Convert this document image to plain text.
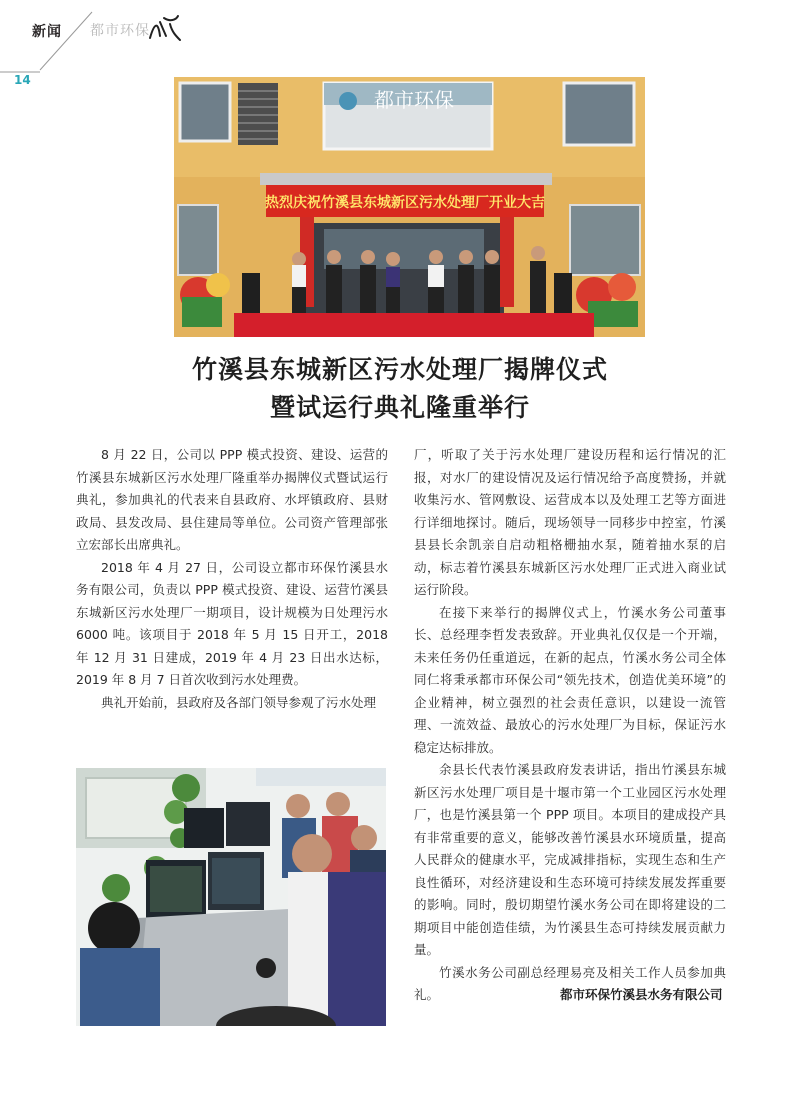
新闻 都市环保
14
都市环保
热烈庆祝竹溪县东城新区污水处理厂开业大吉
竹溪县东城新区污水处理厂揭牌仪式
暨试运行典礼隆重举行

8 月 22 日，公司以 PPP 模式投资、建设、运营的竹溪县东城新区污水处理厂隆重举办揭牌仪式暨试运行典礼，参加典礼的代表来自县政府、水坪镇政府、县财政局、县发改局、县住建局等单位。公司资产管理部张立宏部长出席典礼。

2018 年 4 月 27 日，公司设立都市环保竹溪县水务有限公司，负责以 PPP 模式投资、建设、运营竹溪县东城新区污水处理厂一期项目，设计规模为日处理污水 6000 吨。该项目于 2018 年 5 月 15 日开工，2018 年 12 月 31 日建成，2019 年 4 月 23 日出水达标，2019 年 8 月 7 日首次收到污水处理费。

典礼开始前，县政府及各部门领导参观了污水处理

厂，听取了关于污水处理厂建设历程和运行情况的汇报，对水厂的建设情况及运行情况给予高度赞扬，并就收集污水、管网敷设、运营成本以及处理工艺等方面进行详细地探讨。随后，现场领导一同移步中控室，竹溪县县长余凯亲自启动粗格栅抽水泵，随着抽水泵的启动，标志着竹溪县东城新区污水处理厂正式进入商业试运行阶段。

在接下来举行的揭牌仪式上，竹溪水务公司董事长、总经理李哲发表致辞。开业典礼仅仅是一个开端，未来任务仍任重道远，在新的起点，竹溪水务公司全体同仁将秉承都市环保公司“领先技术，创造优美环境”的企业精神，树立强烈的社会责任意识，以建设一流管理、一流效益、最放心的污水处理厂为目标，保证污水稳定达标排放。

余县长代表竹溪县政府发表讲话，指出竹溪县东城新区污水处理厂项目是十堰市第一个工业园区污水处理厂，也是竹溪县第一个 PPP 项目。本项目的建成投产具有非常重要的意义，能够改善竹溪县水环境质量，提高人民群众的健康水平，完成减排指标，实现生态和生产良性循环，对经济建设和生态环境可持续发展发挥重要的影响。同时，殷切期望竹溪水务公司在即将建设的二期项目中能创造佳绩，为竹溪县生态可持续发展贡献力量。

竹溪水务公司副总经理易亮及相关工作人员参加典礼。	都市环保竹溪县水务有限公司
